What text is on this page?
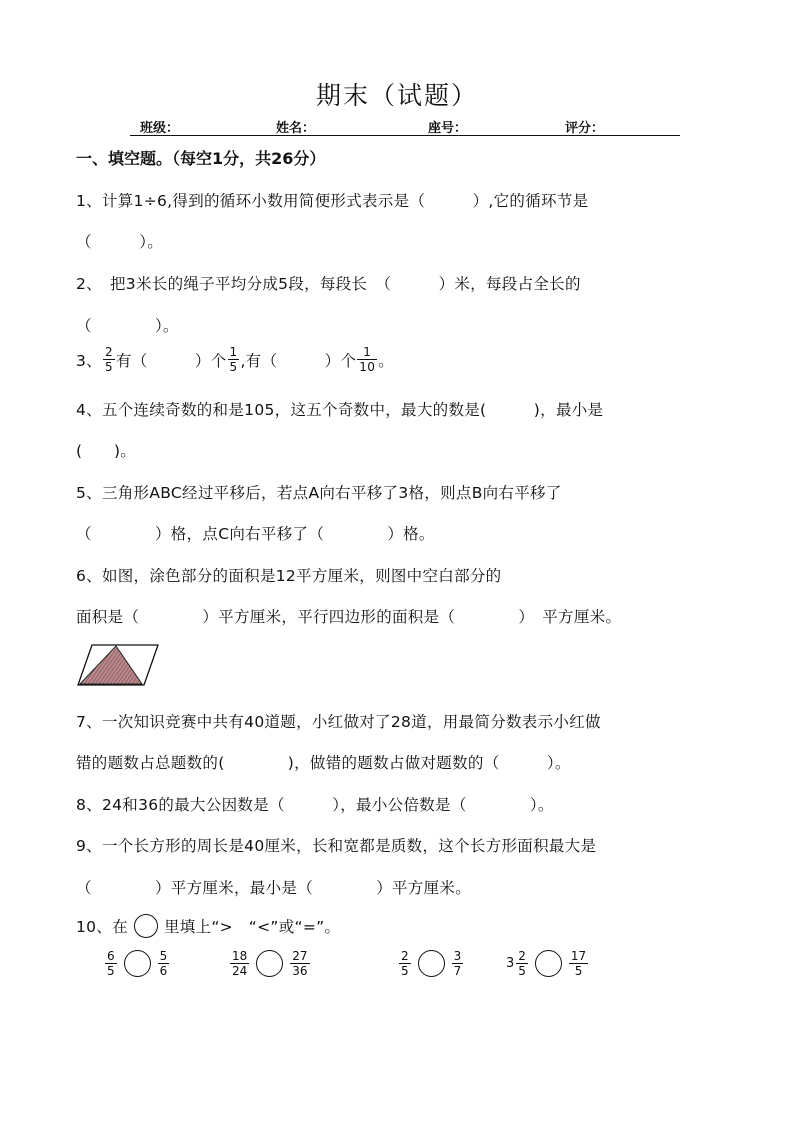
期末（试题）
班级：	姓名：	座号：	评分：
一、填空题。（每空1分，共26分）
1、计算1÷6,得到的循环小数用简便形式表示是（　　　）,它的循环节是
（　　　）。
2、　把3米长的绳子平均分成5段，每段长　（　　　）米，每段占全长的
（　　　　）。
3、 $\frac{2}{5}$ 有（　　　）个 $\frac{1}{5}$ ,有（　　　）个 $\frac{1}{10}$ 。
4、五个连续奇数的和是105，这五个奇数中，最大的数是(　　　)，最小是
(　　)。
5、三角形ABC经过平移后，若点A向右平移了3格，则点B向右平移了
（　　　　）格，点C向右平移了（　　　　）格。
6、如图，涂色部分的面积是12平方厘米，则图中空白部分的
面积是（　　　　）平方厘米，平行四边形的面积是（　　　　）　平方厘米。
7、一次知识竞赛中共有40道题，小红做对了28道，用最简分数表示小红做
错的题数占总题数的(　　　　)，做错的题数占做对题数的（　　　）。
8、24和36的最大公因数是（　　　），最小公倍数是（　　　　）。
9、一个长方形的周长是40厘米，长和宽都是质数，这个长方形面积最大是
（　　　　）平方厘米，最小是（　　　　）平方厘米。
10、在 里填上“>　“<”或“=”。
$\frac{6}{5}$	$\frac{5}{6}$	$\frac{18}{24}$	$\frac{27}{36}$	$\frac{2}{5}$	$\frac{3}{7}$	$3 \frac{2}{5}$	$\frac{17}{5}$
